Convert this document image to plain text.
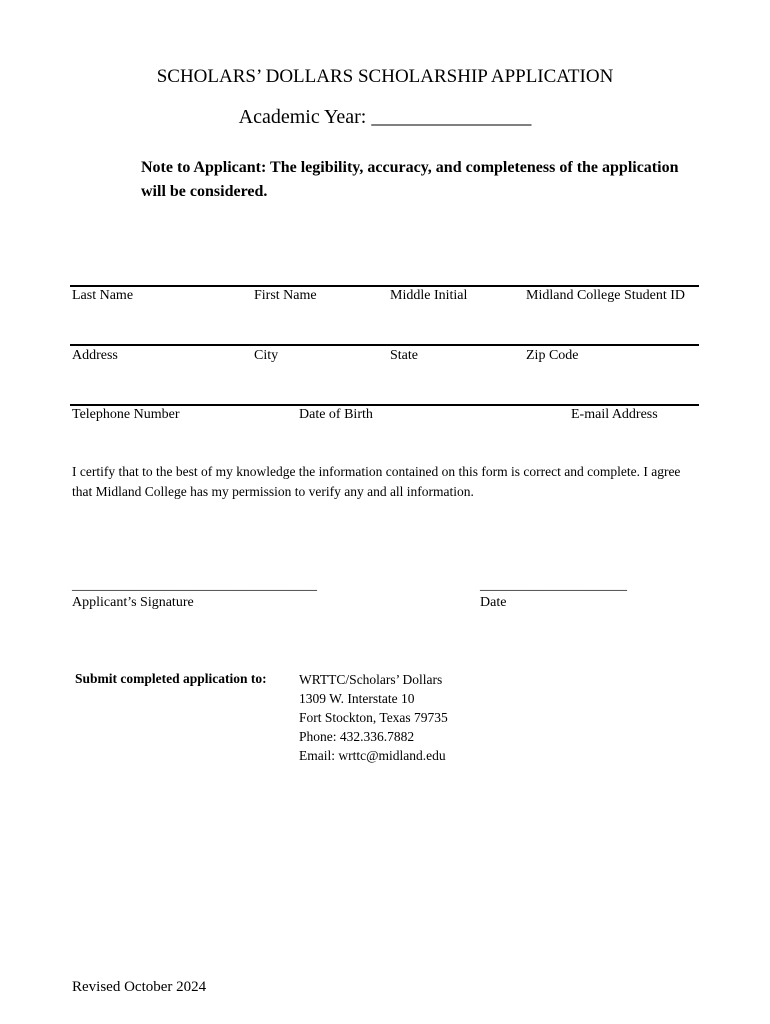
SCHOLARS’ DOLLARS SCHOLARSHIP APPLICATION
Academic Year: ________________
Note to Applicant: The legibility, accuracy, and completeness of the application will be considered.
Last Name	First Name	Middle Initial	Midland College Student ID
Address	City	State	Zip Code
Telephone Number	Date of Birth	E-mail Address
I certify that to the best of my knowledge the information contained on this form is correct and complete. I agree that Midland College has my permission to verify any and all information.
___________________________________
Applicant’s Signature
_____________________
Date
Submit completed application to: WRTTC/Scholars’ Dollars
1309 W. Interstate 10
Fort Stockton, Texas 79735
Phone: 432.336.7882
Email: wrttc@midland.edu
Revised October 2024
